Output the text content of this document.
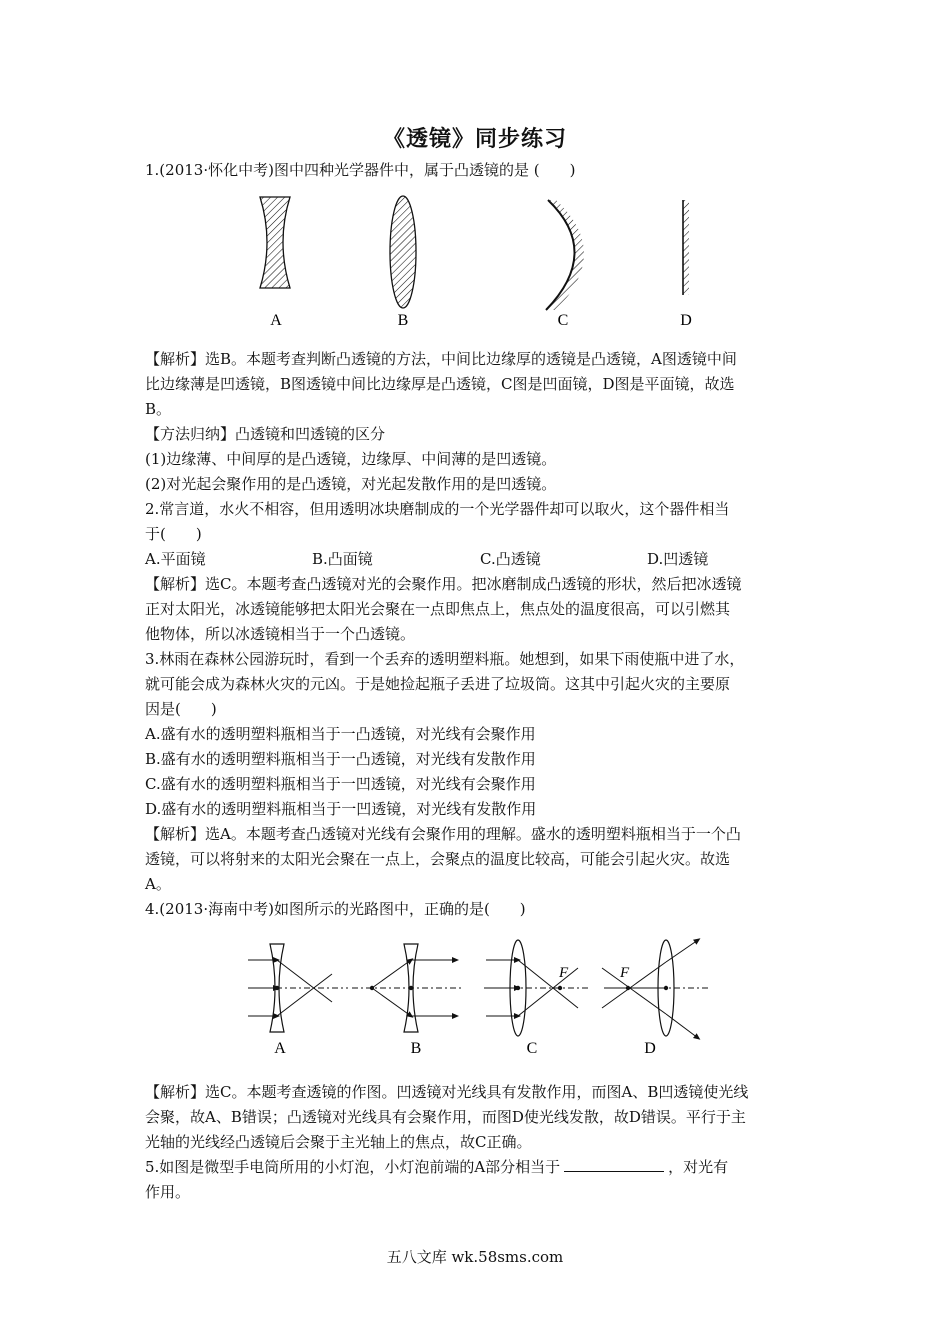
《透镜》同步练习
1.(2013·怀化中考)图中四种光学器件中，属于凸透镜的是 (　　)
A	B	C	D
【解析】选B。本题考查判断凸透镜的方法，中间比边缘厚的透镜是凸透镜，A图透镜中间
比边缘薄是凹透镜，B图透镜中间比边缘厚是凸透镜，C图是凹面镜，D图是平面镜，故选
B。
【方法归纳】凸透镜和凹透镜的区分
(1)边缘薄、中间厚的是凸透镜，边缘厚、中间薄的是凹透镜。
(2)对光起会聚作用的是凸透镜，对光起发散作用的是凹透镜。
2.常言道，水火不相容，但用透明冰块磨制成的一个光学器件却可以取火，这个器件相当
于(　　)
A.平面镜	B.凸面镜	C.凸透镜	D.凹透镜
【解析】选C。本题考查凸透镜对光的会聚作用。把冰磨制成凸透镜的形状，然后把冰透镜
正对太阳光，冰透镜能够把太阳光会聚在一点即焦点上，焦点处的温度很高，可以引燃其
他物体，所以冰透镜相当于一个凸透镜。
3.林雨在森林公园游玩时，看到一个丢弃的透明塑料瓶。她想到，如果下雨使瓶中进了水，
就可能会成为森林火灾的元凶。于是她捡起瓶子丢进了垃圾筒。这其中引起火灾的主要原
因是(　　)
A.盛有水的透明塑料瓶相当于一凸透镜，对光线有会聚作用
B.盛有水的透明塑料瓶相当于一凸透镜，对光线有发散作用
C.盛有水的透明塑料瓶相当于一凹透镜，对光线有会聚作用
D.盛有水的透明塑料瓶相当于一凹透镜，对光线有发散作用
【解析】选A。本题考查凸透镜对光线有会聚作用的理解。盛水的透明塑料瓶相当于一个凸
透镜，可以将射来的太阳光会聚在一点上，会聚点的温度比较高，可能会引起火灾。故选
A。
4.(2013·海南中考)如图所示的光路图中，正确的是(　　)
A	B
F
C
F
D
【解析】选C。本题考查透镜的作图。凹透镜对光线具有发散作用，而图A、B凹透镜使光线
会聚，故A、B错误；凸透镜对光线具有会聚作用，而图D使光线发散，故D错误。平行于主
光轴的光线经凸透镜后会聚于主光轴上的焦点，故C正确。
5.如图是微型手电筒所用的小灯泡，小灯泡前端的A部分相当于	，对光有
作用。
五八文库 wk.58sms.com
